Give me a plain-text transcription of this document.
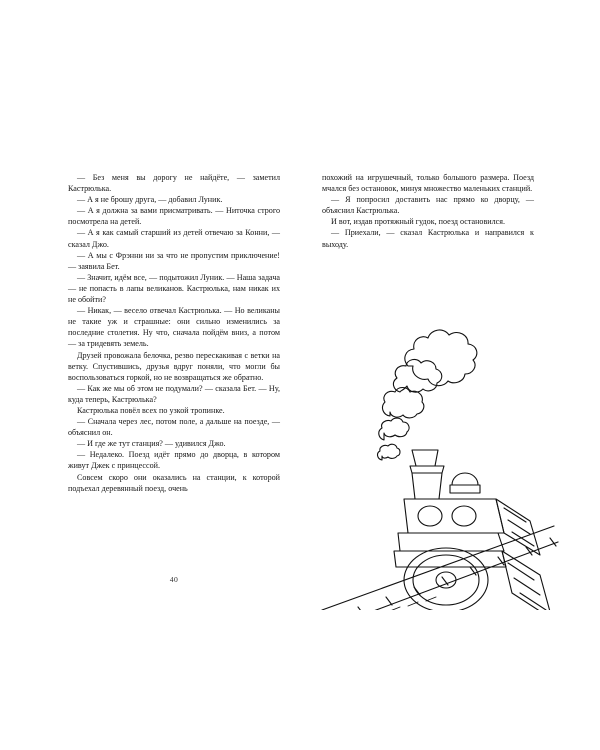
— Без меня вы дорогу не найдёте, — заметил Кастрюлька.

— А я не брошу друга, — добавил Луник.

— А я должна за вами присматривать. — Ниточка строго посмотрела на детей.

— А я как самый старший из детей отвечаю за Конни, — сказал Джо.

— А мы с Фрэнни ни за что не пропустим приключение! — заявила Бет.

— Значит, идём все, — подытожил Луник. — Наша задача — не попасть в лапы великанов. Кастрюлька, нам никак их не обойти?

— Никак, — весело отвечал Кастрюлька. — Но великаны не такие уж и страшные: они сильно изменились за последние столетия. Ну что, сначала пойдём вниз, а потом — за тридевять земель.

Друзей провожала белочка, резво перескакивая с ветки на ветку. Спустившись, друзья вдруг поняли, что могли бы воспользоваться горкой, но не возвращаться же обратно.

— Как же мы об этом не подумали? — сказала Бет. — Ну, куда теперь, Кастрюлька?

Кастрюлька повёл всех по узкой тропинке.

— Сначала через лес, потом поле, а дальше на поезде, — объяснил он.

— И где же тут станция? — удивился Джо.

— Недалеко. Поезд идёт прямо до дворца, в котором живут Джек с принцессой.

Совсем скоро они оказались на станции, к которой подъехал деревянный поезд, очень

похожий на игрушечный, только большого размера. Поезд мчался без остановок, минуя множество маленьких станций.

— Я попросил доставить нас прямо ко дворцу, — объяснил Кастрюлька.

И вот, издав протяжный гудок, поезд остановился.

— Приехали, — сказал Кастрюлька и направился к выходу.

40
